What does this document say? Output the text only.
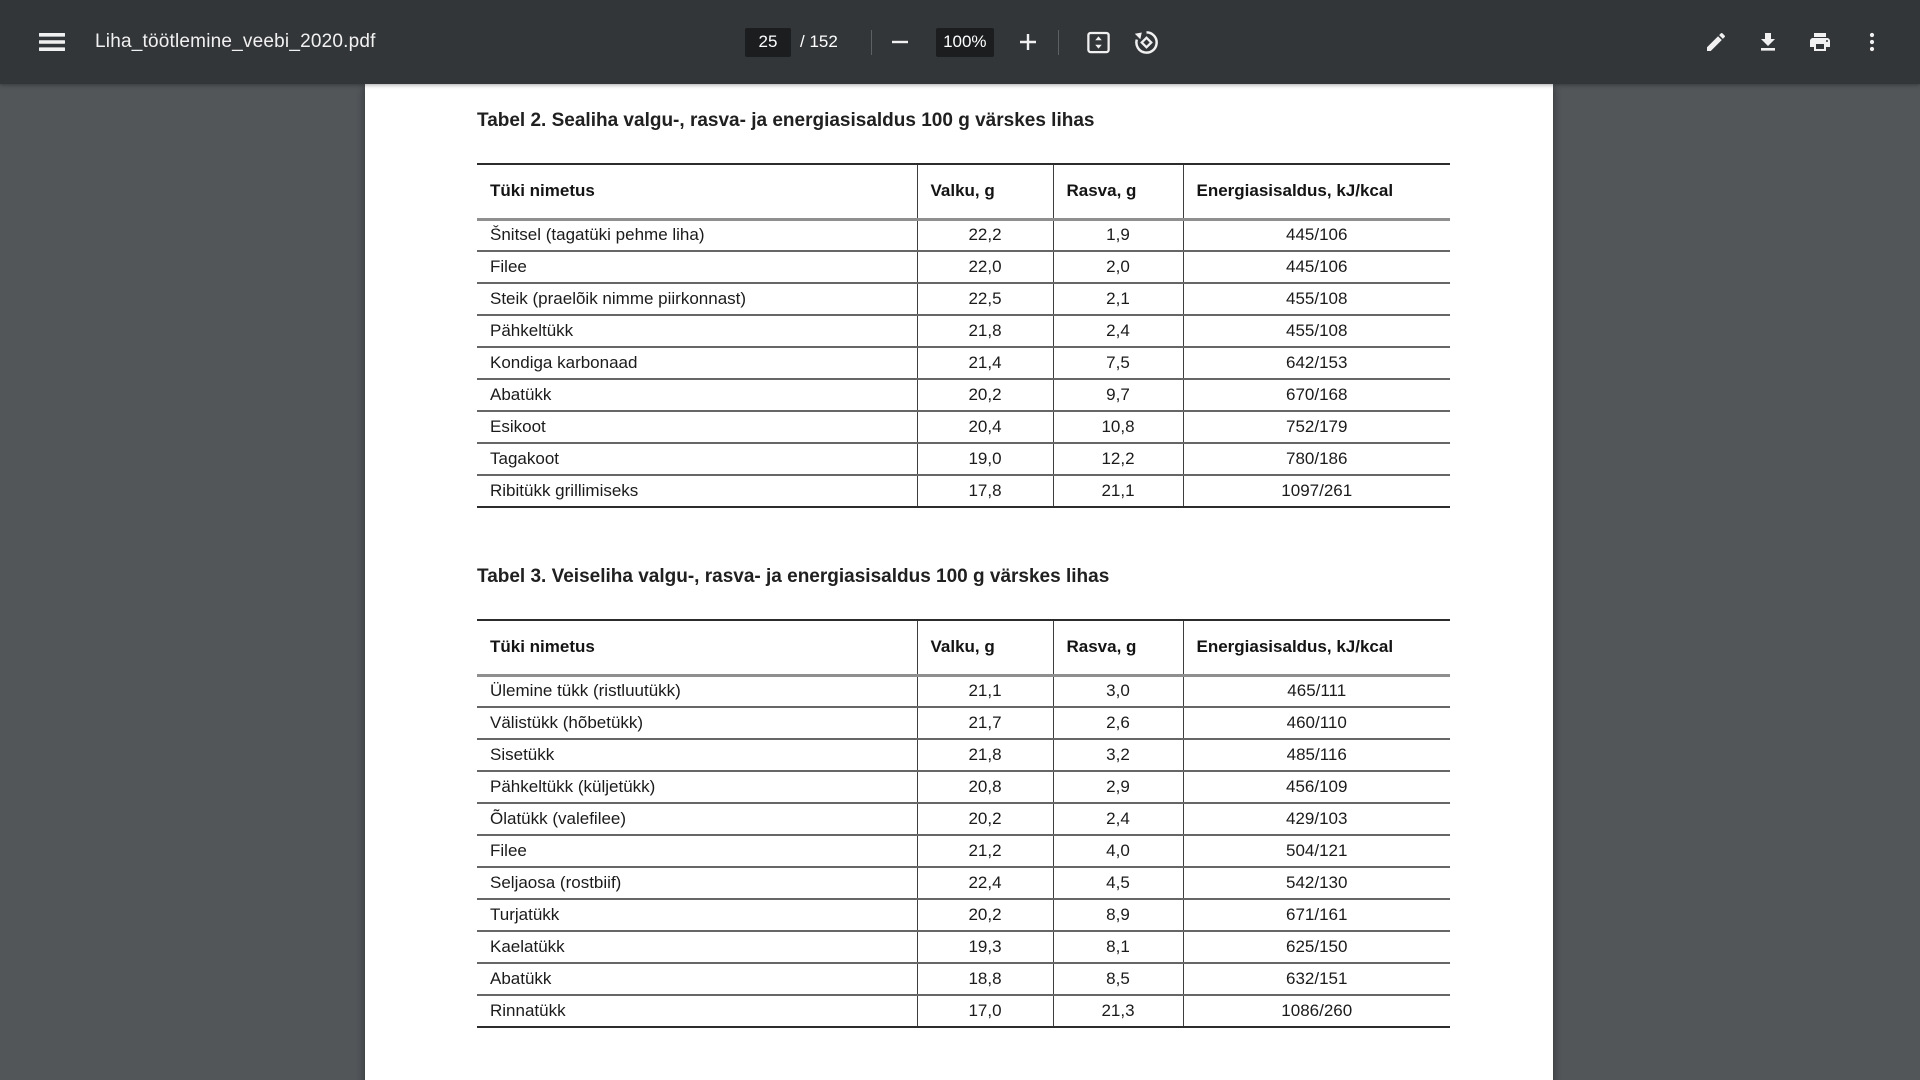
Liha_töötlemine_veebi_2020.pdf
25	/ 152	100%
Tabel 2. Sealiha valgu-, rasva- ja energiasisaldus 100 g värskes lihas
Tüki nimetus	Valku, g	Rasva, g	Energiasisaldus, kJ/kcal
Šnitsel (tagatüki pehme liha)	22,2	1,9	445/106
Filee	22,0	2,0	445/106
Steik (praelõik nimme piirkonnast)	22,5	2,1	455/108
Pähkeltükk	21,8	2,4	455/108
Kondiga karbonaad	21,4	7,5	642/153
Abatükk	20,2	9,7	670/168
Esikoot	20,4	10,8	752/179
Tagakoot	19,0	12,2	780/186
Ribitükk grillimiseks	17,8	21,1	1097/261
Tabel 3. Veiseliha valgu-, rasva- ja energiasisaldus 100 g värskes lihas
Tüki nimetus	Valku, g	Rasva, g	Energiasisaldus, kJ/kcal
Ülemine tükk (ristluutükk)	21,1	3,0	465/111
Välistükk (hõbetükk)	21,7	2,6	460/110
Sisetükk	21,8	3,2	485/116
Pähkeltükk (küljetükk)	20,8	2,9	456/109
Õlatükk (valefilee)	20,2	2,4	429/103
Filee	21,2	4,0	504/121
Seljaosa (rostbiif)	22,4	4,5	542/130
Turjatükk	20,2	8,9	671/161
Kaelatükk	19,3	8,1	625/150
Abatükk	18,8	8,5	632/151
Rinnatükk	17,0	21,3	1086/260
